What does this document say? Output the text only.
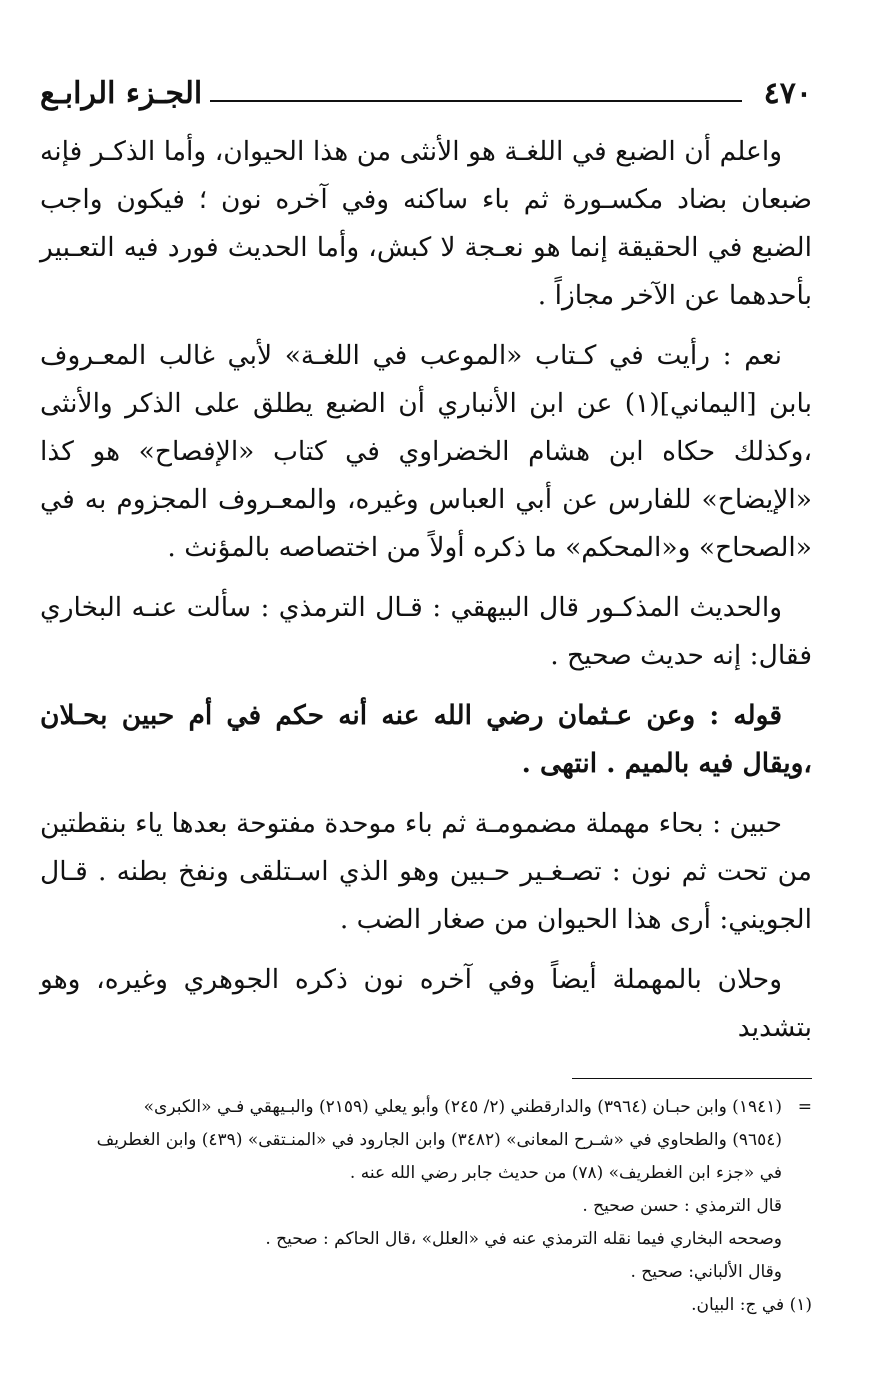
٤٧٠
الجـزء الرابـع

واعلم أن الضبع في اللغـة هو الأنثى من هذا الحيوان، وأما الذكـر فإنه ضبعان بضاد مكسـورة ثم باء ساكنه وفي آخره نون ؛ فيكون واجب الضبع في الحقيقة إنما هو نعـجة لا كبش، وأما الحديث فورد فيه التعـبير بأحدهما عن الآخر مجازاً .

نعم : رأيت في كـتاب «الموعب في اللغـة» لأبي غالب المعـروف بابن [اليماني](١) عن ابن الأنباري أن الضبع يطلق على الذكر والأنثى ،وكذلك حكاه ابن هشام الخضراوي في كتاب «الإفصاح» هو كذا «الإيضاح» للفارس عن أبي العباس وغيره، والمعـروف المجزوم به في «الصحاح» و«المحكم» ما ذكره أولاً من اختصاصه بالمؤنث .

والحديث المذكـور قال البيهقي : قـال الترمذي : سألت عنـه البخاري فقال: إنه حديث صحيح .

قوله : وعن عـثمان رضي الله عنه أنه حكم في أم حبين بحـلان ،ويقال فيه بالميم . انتهى .

حبين : بحاء مهملة مضمومـة ثم باء موحدة مفتوحة بعدها ياء بنقطتين من تحت ثم نون : تصـغـير حـبين وهو الذي اسـتلقى ونفخ بطنه . قـال الجويني: أرى هذا الحيوان من صغار الضب .

وحلان بالمهملة أيضاً وفي آخره نون ذكره الجوهري وغيره، وهو بتشديد

=
(١٩٤١) وابن حبـان (٣٩٦٤) والدارقطني (٢/ ٢٤٥) وأبو يعلي (٢١٥٩) والبـيهقي فـي «الكبرى»
(٩٦٥٤) والطحاوي في «شـرح المعانى» (٣٤٨٢) وابن الجارود في «المنـتقى» (٤٣٩) وابن الغطريف
في «جزء ابن الغطريف» (٧٨) من حديث جابر رضي الله عنه .
قال الترمذي : حسن صحيح .
وصححه البخاري فيما نقله الترمذي عنه في «العلل» ،قال الحاكم : صحيح .
وقال الألباني: صحيح .
(١) في ج: البيان.
